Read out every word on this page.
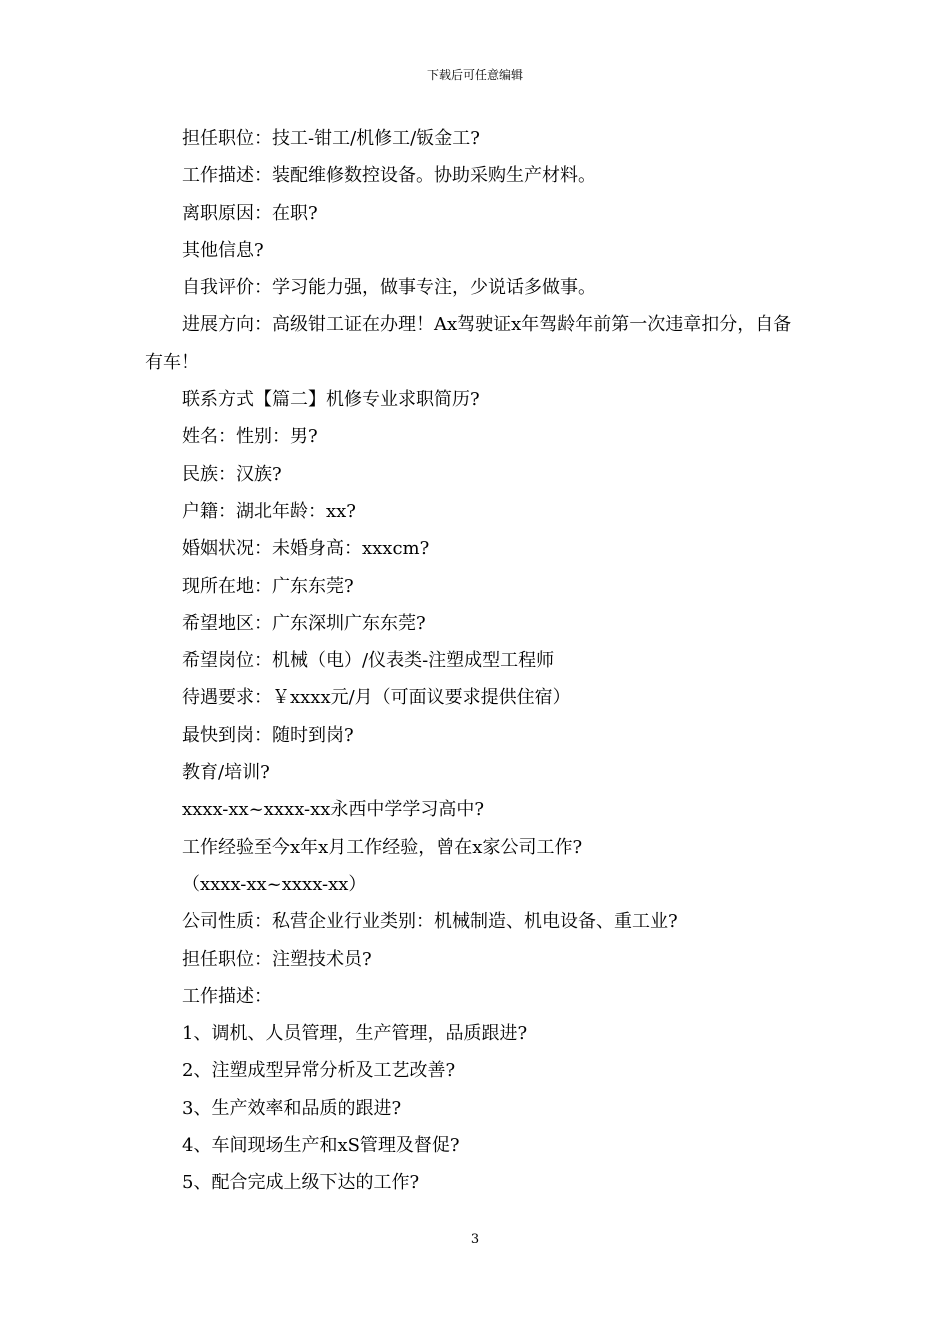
下载后可任意编辑

担任职位：技工-钳工/机修工/钣金工?

工作描述：装配维修数控设备。协助采购生产材料。

离职原因：在职?

其他信息?

自我评价：学习能力强，做事专注，少说话多做事。

进展方向：高级钳工证在办理！Ax驾驶证x年驾龄年前第一次违章扣分，自备有车！

联系方式【篇二】机修专业求职简历?

姓名：性别：男?

民族：汉族?

户籍：湖北年龄：xx?

婚姻状况：未婚身高：xxxcm?

现所在地：广东东莞?

希望地区：广东深圳广东东莞?

希望岗位：机械（电）/仪表类-注塑成型工程师

待遇要求：￥xxxx元/月（可面议要求提供住宿）

最快到岗：随时到岗?

教育/培训?

xxxx-xx~xxxx-xx永西中学学习高中?

工作经验至今x年x月工作经验，曾在x家公司工作?

（xxxx-xx~xxxx-xx）

公司性质：私营企业行业类别：机械制造、机电设备、重工业?

担任职位：注塑技术员?

工作描述：

1、调机、人员管理，生产管理，品质跟进?

2、注塑成型异常分析及工艺改善?

3、生产效率和品质的跟进?

4、车间现场生产和xS管理及督促?

5、配合完成上级下达的工作?

3
